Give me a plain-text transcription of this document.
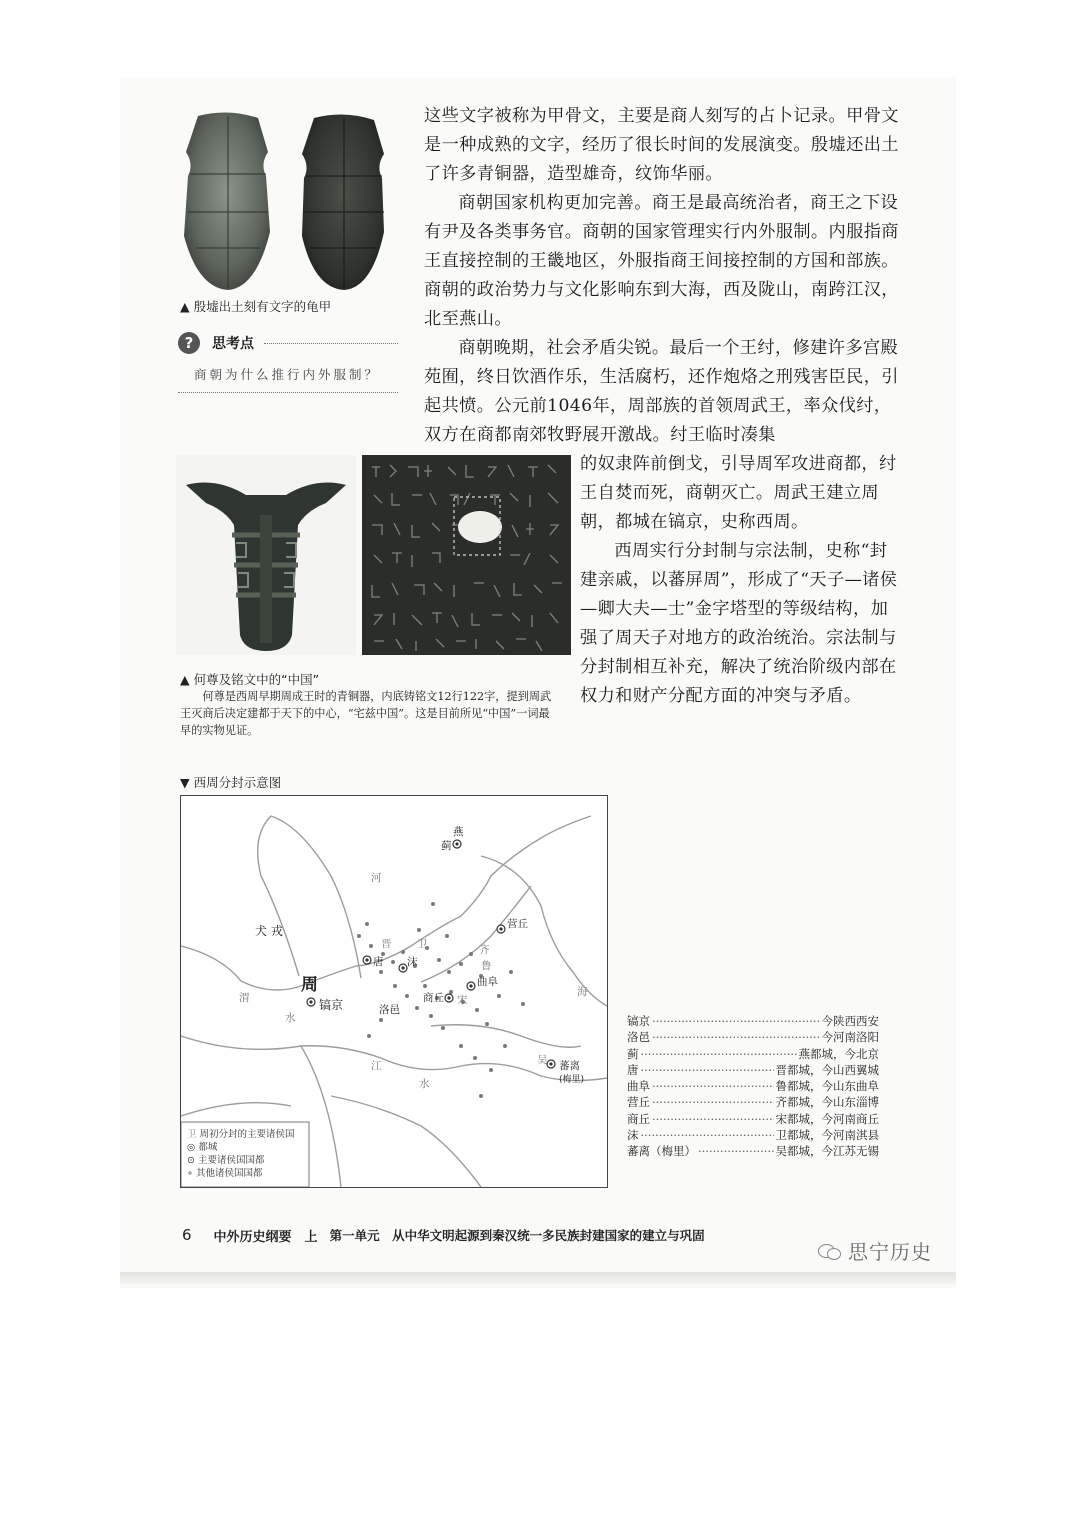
▲ 殷墟出土刻有文字的龟甲
?	思考点
商朝为什么推行内外服制？

这些文字被称为甲骨文，主要是商人刻写的占卜记录。甲骨文是一种成熟的文字，经历了很长时间的发展演变。殷墟还出土了许多青铜器，造型雄奇，纹饰华丽。

商朝国家机构更加完善。商王是最高统治者，商王之下设有尹及各类事务官。商朝的国家管理实行内外服制。内服指商王直接控制的王畿地区，外服指商王间接控制的方国和部族。商朝的政治势力与文化影响东到大海，西及陇山，南跨江汉，北至燕山。

商朝晚期，社会矛盾尖锐。最后一个王纣，修建许多宫殿苑囿，终日饮酒作乐，生活腐朽，还作炮烙之刑残害臣民，引起共愤。公元前1046年，周部族的首领周武王，率众伐纣，双方在商都南郊牧野展开激战。纣王临时凑集

的奴隶阵前倒戈，引导周军攻进商都，纣王自焚而死，商朝灭亡。周武王建立周朝，都城在镐京，史称西周。

西周实行分封制与宗法制，史称“封建亲戚，以蕃屏周”，形成了“天子—诸侯—卿大夫—士”金字塔型的等级结构，加强了周天子对地方的政治统治。宗法制与分封制相互补充，解决了统治阶级内部在权力和财产分配方面的冲突与矛盾。

▲ 何尊及铭文中的“中国”

何尊是西周早期周成王时的青铜器，内底铸铭文12行122字，提到周武王灭商后决定建都于天下的中心，“宅兹中国”。这是目前所见“中国”一词最早的实物见证。

▼ 西周分封示意图
犬 戎
周
镐京	洛邑
商丘
曲阜
营丘
蓟
燕
唐 沫
蕃离
(梅里)
海
晋 卫
鲁
宋
齐
吴
河
渭
水
水
江
卫 周初分封的主要诸侯国
◎ 都城
⊙ 主要诸侯国国都
∘ 其他诸侯国国都
镐京 ·····	今陕西西安
洛邑 ·····	今河南洛阳
蓟 ·····	燕都城，今北京
唐 ·····	晋都城，今山西翼城
曲阜 ·····	鲁都城，今山东曲阜
营丘 ·····	齐都城，今山东淄博
商丘 ·····	宋都城，今河南商丘
沫 ·····	卫都城，今河南淇县
蕃离（梅里） ·····	吴都城，今江苏无锡
6 中外历史纲要　上 第一单元　从中华文明起源到秦汉统一多民族封建国家的建立与巩固
思宁历史
